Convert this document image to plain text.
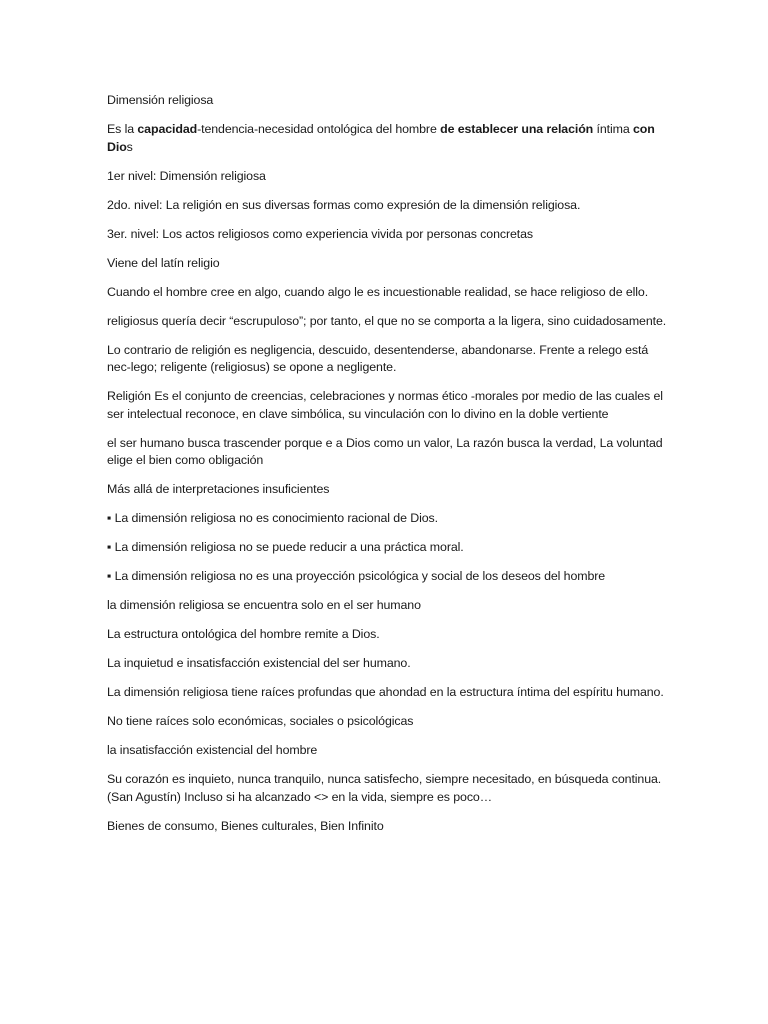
Dimensión religiosa

Es la capacidad-tendencia-necesidad ontológica del hombre de establecer una relación íntima con Dios

1er nivel: Dimensión religiosa

2do. nivel: La religión en sus diversas formas como expresión de la dimensión religiosa.

3er. nivel: Los actos religiosos como experiencia vivida por personas concretas

Viene del latín religio

Cuando el hombre cree en algo, cuando algo le es incuestionable realidad, se hace religioso de ello.

religiosus quería decir “escrupuloso”; por tanto, el que no se comporta a la ligera, sino cuidadosamente.

Lo contrario de religión es negligencia, descuido, desentenderse, abandonarse. Frente a relego está nec-lego; religente (religiosus) se opone a negligente.

Religión Es el conjunto de creencias, celebraciones y normas ético -morales por medio de las cuales el ser intelectual reconoce, en clave simbólica, su vinculación con lo divino en la doble vertiente

el ser humano busca trascender porque e a Dios como un valor, La razón busca la verdad, La voluntad elige el bien como obligación

Más allá de interpretaciones insuficientes

▪ La dimensión religiosa no es conocimiento racional de Dios.

▪ La dimensión religiosa no se puede reducir a una práctica moral.

▪ La dimensión religiosa no es una proyección psicológica y social de los deseos del hombre

la dimensión religiosa se encuentra solo en el ser humano

La estructura ontológica del hombre remite a Dios.

La inquietud e insatisfacción existencial del ser humano.

La dimensión religiosa tiene raíces profundas que ahondad en la estructura íntima del espíritu humano.

No tiene raíces solo económicas, sociales o psicológicas

la insatisfacción existencial del hombre

Su corazón es inquieto, nunca tranquilo, nunca satisfecho, siempre necesitado, en búsqueda continua. (San Agustín) Incluso si ha alcanzado <> en la vida, siempre es poco…

Bienes de consumo, Bienes culturales, Bien Infinito
